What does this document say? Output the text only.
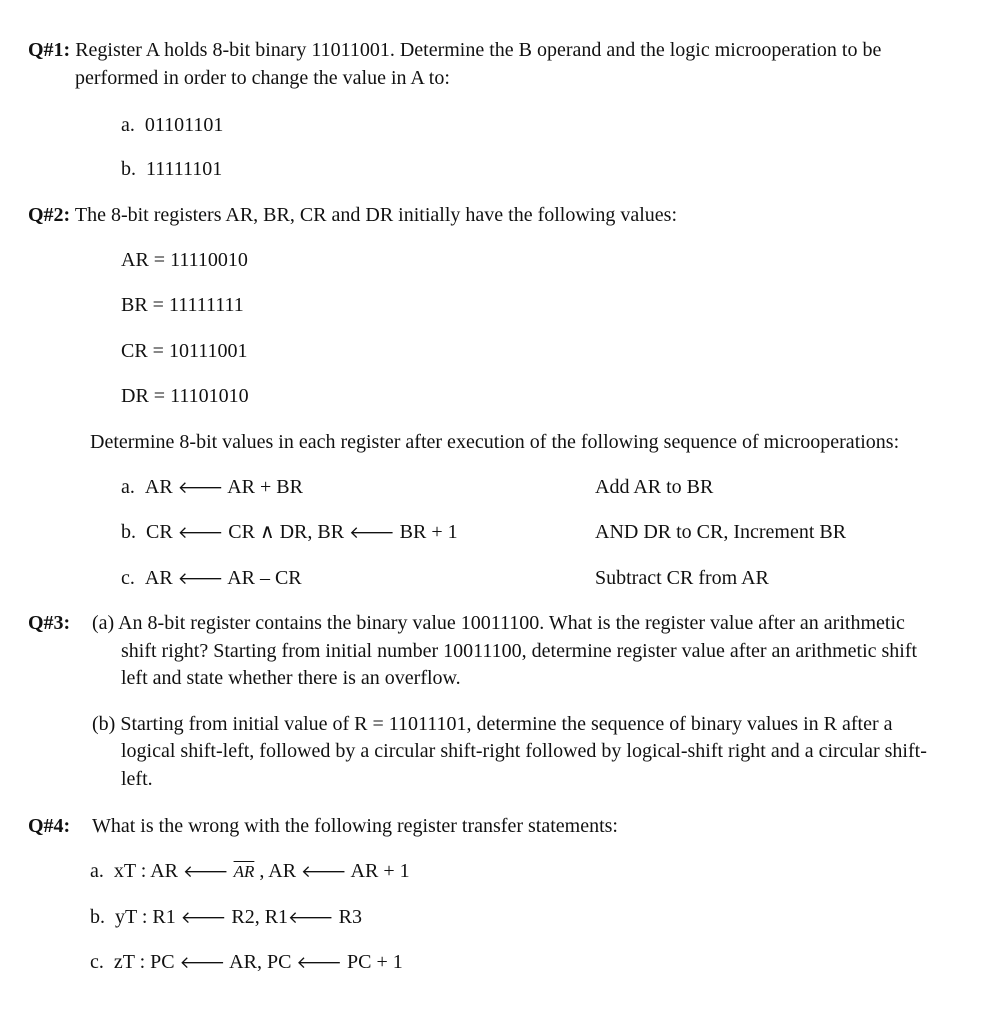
Q#1: Register A holds 8-bit binary 11011001. Determine the B operand and the logic microoperation to be
performed in order to change the value in A to:
a. 01101101
b. 11111101
Q#2: The 8-bit registers AR, BR, CR and DR initially have the following values:
AR = 11110010
BR = 11111111
CR = 10111001
DR = 11101010
Determine 8-bit values in each register after execution of the following sequence of microoperations:
a. AR 🡐 AR + BR	Add AR to BR
b. CR 🡐 CR ∧ DR, BR 🡐 BR + 1	AND DR to CR, Increment BR
c. AR 🡐 AR – CR	Subtract CR from AR
Q#3: (a) An 8-bit register contains the binary value 10011100. What is the register value after an arithmetic
shift right? Starting from initial number 10011100, determine register value after an arithmetic shift
left and state whether there is an overflow.
(b) Starting from initial value of R = 11011101, determine the sequence of binary values in R after a
logical shift-left, followed by a circular shift-right followed by logical-shift right and a circular shift-
left.
Q#4: What is the wrong with the following register transfer statements:
a. xT : AR 🡐 $\overline{AR}$ , AR 🡐 AR + 1
b. yT : R1 🡐 R2, R1🡐 R3
c. zT : PC 🡐 AR, PC 🡐 PC + 1
